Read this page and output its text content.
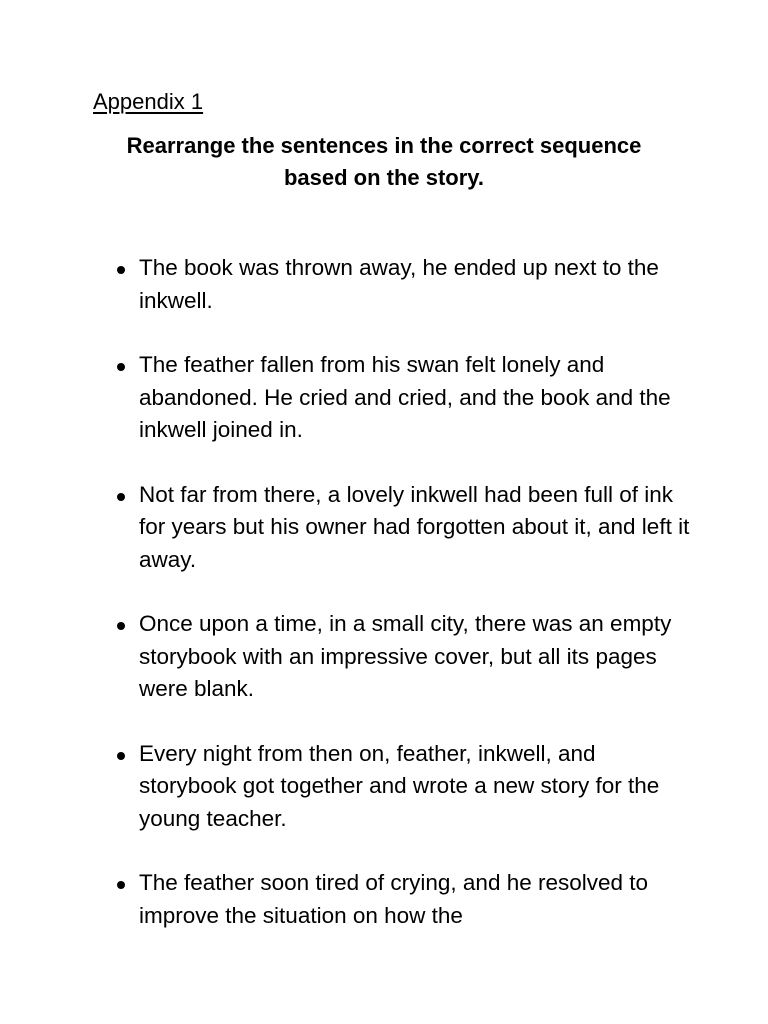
Appendix 1

Rearrange the sentences in the correct sequence based on the story.

The book was thrown away, he ended up next to the inkwell.
The feather fallen from his swan felt lonely and abandoned. He cried and cried, and the book and the inkwell joined in.
Not far from there, a lovely inkwell had been full of ink for years but his owner had forgotten about it, and left it away.
Once upon a time, in a small city, there was an empty storybook with an impressive cover, but all its pages were blank.
Every night from then on, feather, inkwell, and storybook got together and wrote a new story for the young teacher.
The feather soon tired of crying, and he resolved to improve the situation on how the
